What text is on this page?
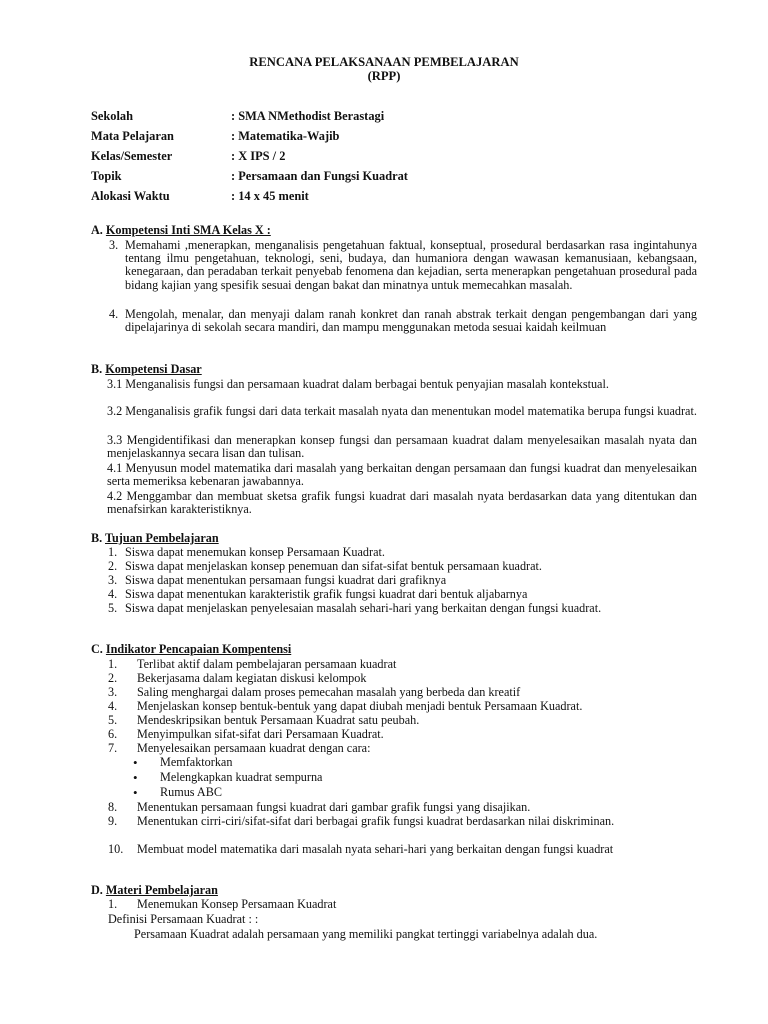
RENCANA PELAKSANAAN PEMBELAJARAN
(RPP)
Sekolah	: SMA NMethodist Berastagi
Mata Pelajaran	: Matematika-Wajib
Kelas/Semester	: X IPS / 2
Topik	: Persamaan dan Fungsi Kuadrat
Alokasi Waktu	: 14 x 45 menit
A. Kompetensi Inti SMA Kelas X :
3. Memahami ,menerapkan, menganalisis pengetahuan faktual, konseptual, prosedural berdasarkan rasa ingintahunya tentang ilmu pengetahuan, teknologi, seni, budaya, dan humaniora dengan wawasan kemanusiaan, kebangsaan, kenegaraan, dan peradaban terkait penyebab fenomena dan kejadian, serta menerapkan pengetahuan prosedural pada bidang kajian yang spesifik sesuai dengan bakat dan minatnya untuk memecahkan masalah.
4. Mengolah, menalar, dan menyaji dalam ranah konkret dan ranah abstrak terkait dengan pengembangan dari yang dipelajarinya di sekolah secara mandiri, dan mampu menggunakan metoda sesuai kaidah keilmuan
B. Kompetensi Dasar
3.1 Menganalisis fungsi dan persamaan kuadrat dalam berbagai bentuk penyajian masalah kontekstual.
3.2 Menganalisis grafik fungsi dari data terkait masalah nyata dan menentukan model matematika berupa fungsi kuadrat.
3.3 Mengidentifikasi dan menerapkan konsep fungsi dan persamaan kuadrat dalam menyelesaikan masalah nyata dan menjelaskannya secara lisan dan tulisan.
4.1 Menyusun model matematika dari masalah yang berkaitan dengan persamaan dan fungsi kuadrat dan menyelesaikan serta memeriksa kebenaran jawabannya.
4.2 Menggambar dan membuat sketsa grafik fungsi kuadrat dari masalah nyata berdasarkan data yang ditentukan dan menafsirkan karakteristiknya.
B. Tujuan Pembelajaran
1. Siswa dapat menemukan konsep Persamaan Kuadrat.
2. Siswa dapat menjelaskan konsep penemuan dan sifat-sifat bentuk persamaan kuadrat.
3. Siswa dapat menentukan persamaan fungsi kuadrat dari grafiknya
4. Siswa dapat menentukan karakteristik grafik fungsi kuadrat dari bentuk aljabarnya
5. Siswa dapat menjelaskan penyelesaian masalah sehari-hari yang berkaitan dengan fungsi kuadrat.
C. Indikator Pencapaian Kompentensi
1.	Terlibat aktif dalam pembelajaran persamaan kuadrat
2.	Bekerjasama dalam kegiatan diskusi kelompok
3.	Saling menghargai dalam proses pemecahan masalah yang berbeda dan kreatif
4.	Menjelaskan konsep bentuk-bentuk yang dapat diubah menjadi bentuk Persamaan Kuadrat.
5.	Mendeskripsikan bentuk Persamaan Kuadrat satu peubah.
6.	Menyimpulkan sifat-sifat dari Persamaan Kuadrat.
7.	Menyelesaikan persamaan kuadrat dengan cara:
• Memfaktorkan
• Melengkapkan kuadrat sempurna
• Rumus ABC
8.	Menentukan persamaan fungsi kuadrat dari gambar grafik fungsi yang disajikan.
9.	Menentukan cirri-ciri/sifat-sifat dari berbagai grafik fungsi kuadrat berdasarkan nilai diskriminan.
10.	Membuat model matematika dari masalah nyata sehari-hari yang berkaitan dengan fungsi kuadrat
D. Materi Pembelajaran
1.	Menemukan Konsep Persamaan Kuadrat
Definisi Persamaan Kuadrat : :
Persamaan Kuadrat adalah persamaan yang memiliki pangkat tertinggi variabelnya adalah dua.
